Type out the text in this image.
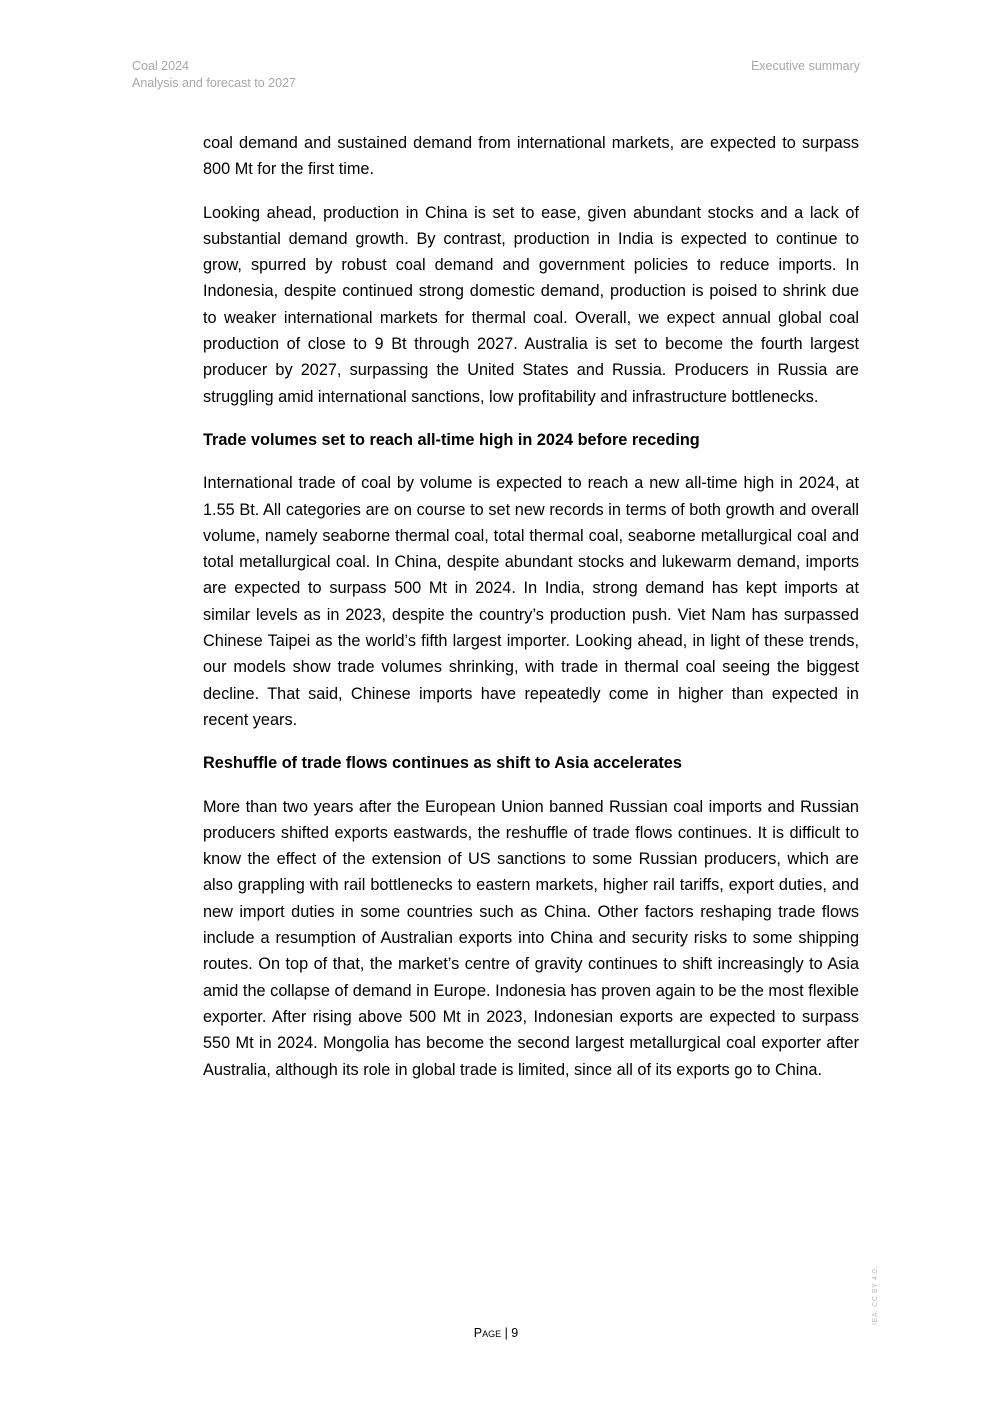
Coal 2024
Analysis and forecast to 2027
Executive summary

coal demand and sustained demand from international markets, are expected to surpass 800 Mt for the first time.

Looking ahead, production in China is set to ease, given abundant stocks and a lack of substantial demand growth. By contrast, production in India is expected to continue to grow, spurred by robust coal demand and government policies to reduce imports. In Indonesia, despite continued strong domestic demand, production is poised to shrink due to weaker international markets for thermal coal. Overall, we expect annual global coal production of close to 9 Bt through 2027. Australia is set to become the fourth largest producer by 2027, surpassing the United States and Russia. Producers in Russia are struggling amid international sanctions, low profitability and infrastructure bottlenecks.

Trade volumes set to reach all-time high in 2024 before receding

International trade of coal by volume is expected to reach a new all-time high in 2024, at 1.55 Bt. All categories are on course to set new records in terms of both growth and overall volume, namely seaborne thermal coal, total thermal coal, seaborne metallurgical coal and total metallurgical coal. In China, despite abundant stocks and lukewarm demand, imports are expected to surpass 500 Mt in 2024. In India, strong demand has kept imports at similar levels as in 2023, despite the country’s production push. Viet Nam has surpassed Chinese Taipei as the world’s fifth largest importer. Looking ahead, in light of these trends, our models show trade volumes shrinking, with trade in thermal coal seeing the biggest decline. That said, Chinese imports have repeatedly come in higher than expected in recent years.

Reshuffle of trade flows continues as shift to Asia accelerates

More than two years after the European Union banned Russian coal imports and Russian producers shifted exports eastwards, the reshuffle of trade flows continues. It is difficult to know the effect of the extension of US sanctions to some Russian producers, which are also grappling with rail bottlenecks to eastern markets, higher rail tariffs, export duties, and new import duties in some countries such as China. Other factors reshaping trade flows include a resumption of Australian exports into China and security risks to some shipping routes. On top of that, the market’s centre of gravity continues to shift increasingly to Asia amid the collapse of demand in Europe. Indonesia has proven again to be the most flexible exporter. After rising above 500 Mt in 2023, Indonesian exports are expected to surpass 550 Mt in 2024. Mongolia has become the second largest metallurgical coal exporter after Australia, although its role in global trade is limited, since all of its exports go to China.

Page | 9
IEA. CC BY 4.0.
